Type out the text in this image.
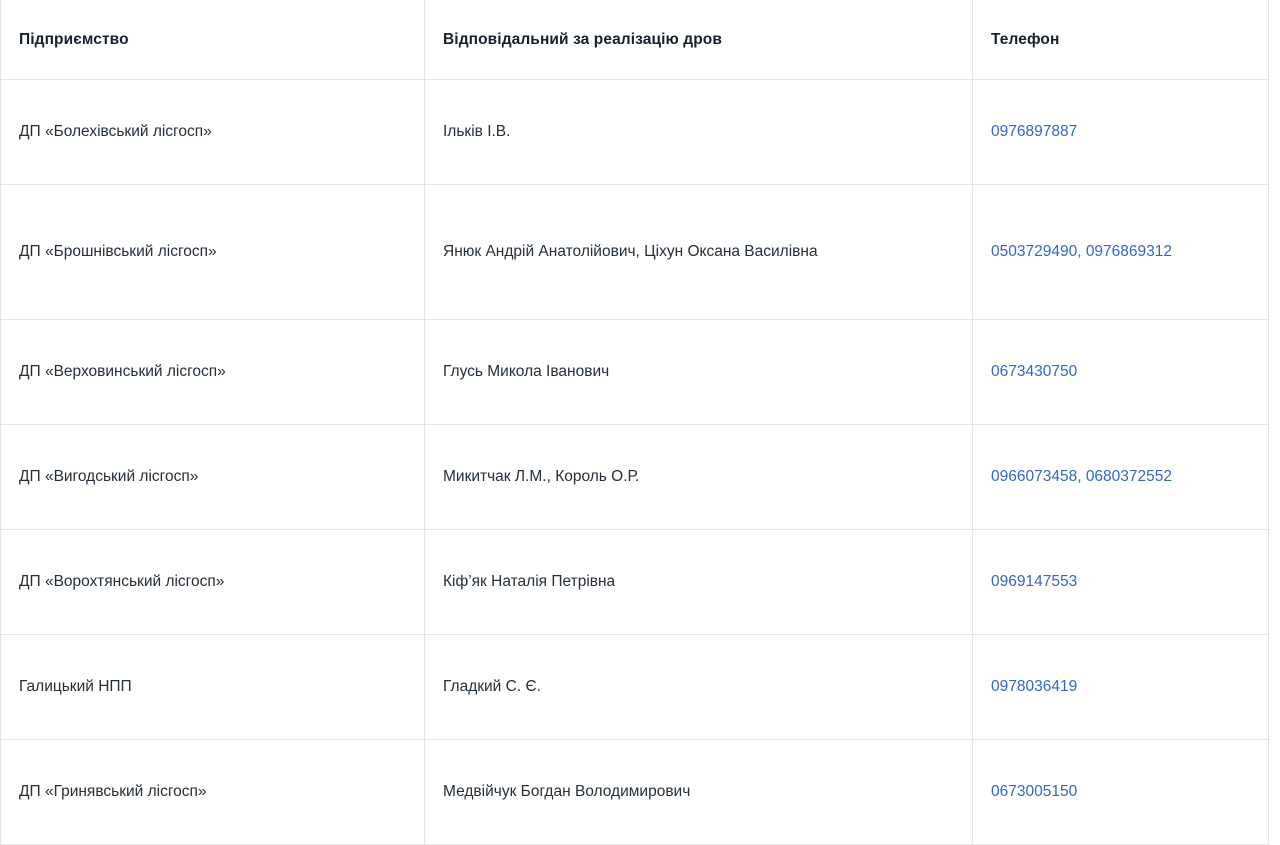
Підприємство	Відповідальний за реалізацію дров	Телефон
ДП «Болехівський лісгосп»	Ільків І.В.	0976897887
ДП «Брошнівський лісгосп»	Янюк Андрій Анатолійович, Ціхун Оксана Василівна	0503729490, 0976869312
ДП «Верховинський лісгосп»	Глусь Микола Іванович	0673430750
ДП «Вигодський лісгосп»	Микитчак Л.М., Король О.Р.	0966073458, 0680372552
ДП «Ворохтянський лісгосп»	Кіф’як Наталія Петрівна	0969147553
Галицький НПП	Гладкий С. Є.	0978036419
ДП «Гринявський лісгосп»	Медвійчук Богдан Володимирович	0673005150
